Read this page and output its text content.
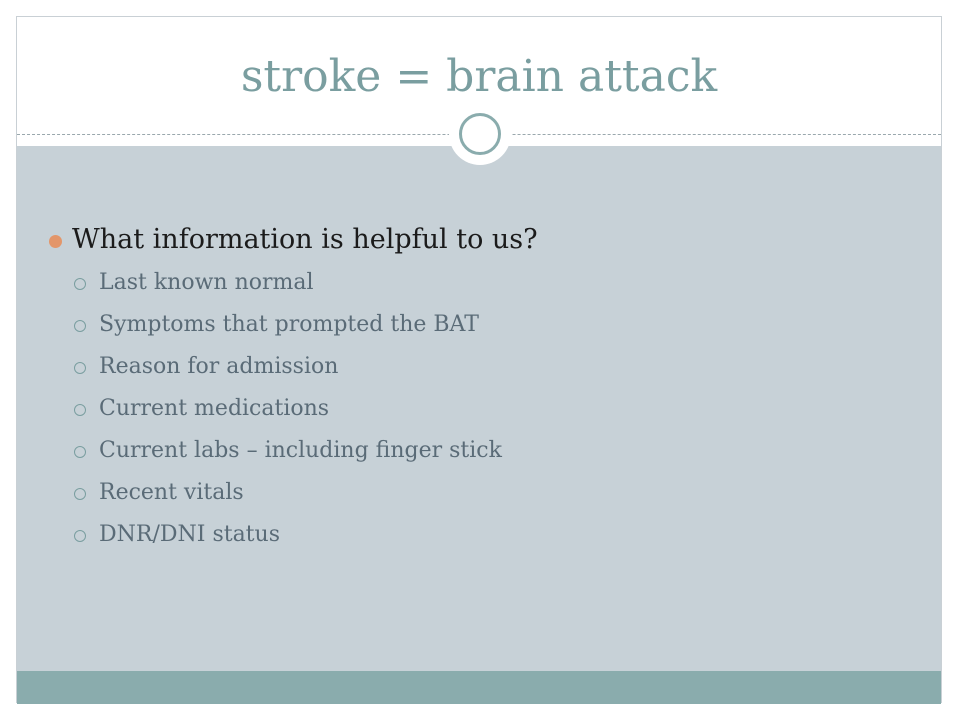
stroke = brain attack
What information is helpful to us?
Last known normal
Symptoms that prompted the BAT
Reason for admission
Current medications
Current labs – including finger stick
Recent vitals
DNR/DNI status
